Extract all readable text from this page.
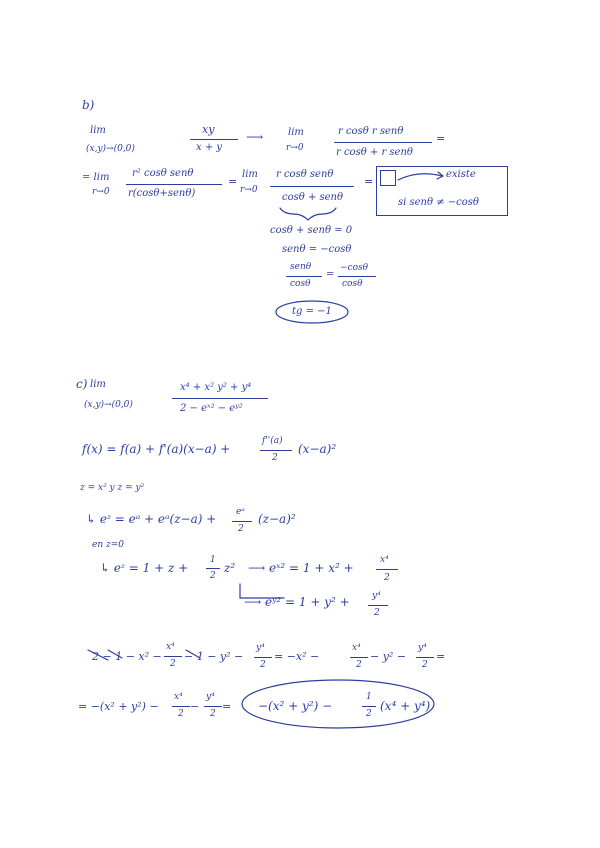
b)
lim
(x,y)→(0,0)
xy
x + y
⟶ lim
r→0
r cosθ r senθ
r cosθ + r senθ
=
= lim
r→0
r² cosθ senθ
r(cosθ+senθ)
=
lim
r→0
r cosθ senθ
cosθ + senθ
=
existe
si senθ ≠ −cosθ
cosθ + senθ = 0
senθ = −cosθ
senθ
cosθ
=
−cosθ
cosθ
tg = −1
c) lim
(x,y)→(0,0)
x⁴ + x² y² + y⁴
2 − eˣ² − eʸ²
f(x) = f(a) + f'(a)(x−a) +
f''(a)
2
(x−a)²
z = x² y z = y²
↳ eᶻ = eᵃ + eᵃ(z−a) + eᵃ
2
(z−a)²
en z=0
↳ eᶻ = 1 + z +
1
2
z² ⟶ eˣ² = 1 + x² +
x⁴
2
⟶ eʸ² = 1 + y² + y⁴
2
2 − 1 − x² −
x⁴
2
− 1 − y² −
y⁴
2
= −x² −
x⁴
2
− y² −
y⁴
2
=
= −(x² + y²) −
x⁴
2
−
y⁴
2
= −(x² + y²) −
1
2
(x⁴ + y⁴)
